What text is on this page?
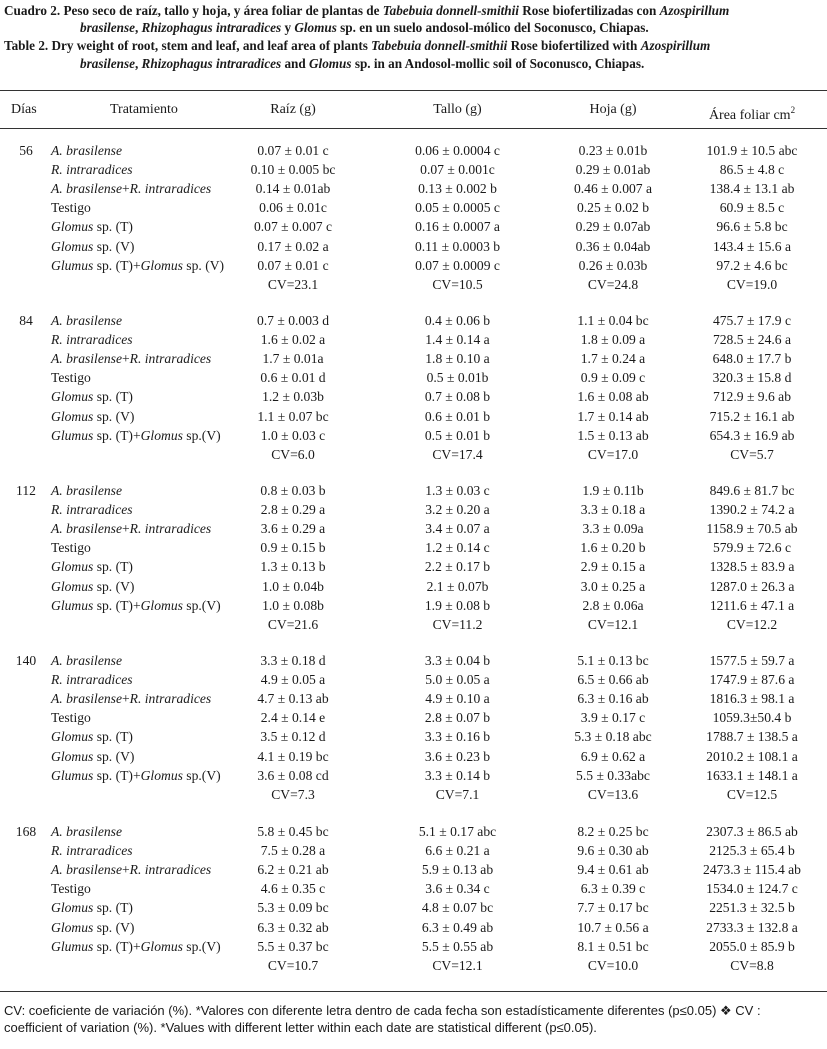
Cuadro 2. Peso seco de raíz, tallo y hoja, y área foliar de plantas de Tabebuia donnell-smithii Rose biofertilizadas con Azospirillum
brasilense, Rhizophagus intraradices y Glomus sp. en un suelo andosol-mólico del Soconusco, Chiapas.

Table 2. Dry weight of root, stem and leaf, and leaf area of plants Tabebuia donnell-smithii Rose biofertilized with Azospirillum
brasilense, Rhizophagus intraradices and Glomus sp. in an Andosol-mollic soil of Soconusco, Chiapas.

Días	Tratamiento	Raíz (g)	Tallo (g)	Hoja (g)	Área foliar $cm^2$
56	A. brasilense	0.07 ± 0.01 c	0.06 ± 0.0004 c	0.23 ± 0.01b	101.9 ± 10.5 abc
R. intraradices	0.10 ± 0.005 bc	0.07 ± 0.001c	0.29 ± 0.01ab	86.5 ± 4.8 c
A. brasilense+R. intraradices	0.14 ± 0.01ab	0.13 ± 0.002 b	0.46 ± 0.007 a	138.4 ± 13.1 ab
Testigo	0.06 ± 0.01c	0.05 ± 0.0005 c	0.25 ± 0.02 b	60.9 ± 8.5 c
Glomus sp. (T)	0.07 ± 0.007 c	0.16 ± 0.0007 a	0.29 ± 0.07ab	96.6 ± 5.8 bc
Glomus sp. (V)	0.17 ± 0.02 a	0.11 ± 0.0003 b	0.36 ± 0.04ab	143.4 ± 15.6 a
Glumus sp. (T)+Glomus sp. (V)	0.07 ± 0.01 c	0.07 ± 0.0009 c	0.26 ± 0.03b	97.2 ± 4.6 bc
CV=23.1	CV=10.5	CV=24.8	CV=19.0
84	A. brasilense	0.7 ± 0.003 d	0.4 ± 0.06 b	1.1 ± 0.04 bc	475.7 ± 17.9 c
R. intraradices	1.6 ± 0.02 a	1.4 ± 0.14 a	1.8 ± 0.09 a	728.5 ± 24.6 a
A. brasilense+R. intraradices	1.7 ± 0.01a	1.8 ± 0.10 a	1.7 ± 0.24 a	648.0 ± 17.7 b
Testigo	0.6 ± 0.01 d	0.5 ± 0.01b	0.9 ± 0.09 c	320.3 ± 15.8 d
Glomus sp. (T)	1.2 ± 0.03b	0.7 ± 0.08 b	1.6 ± 0.08 ab	712.9 ± 9.6 ab
Glomus sp. (V)	1.1 ± 0.07 bc	0.6 ± 0.01 b	1.7 ± 0.14 ab	715.2 ± 16.1 ab
Glumus sp. (T)+Glomus sp.(V)	1.0 ± 0.03 c	0.5 ± 0.01 b	1.5 ± 0.13 ab	654.3 ± 16.9 ab
CV=6.0	CV=17.4	CV=17.0	CV=5.7
112	A. brasilense	0.8 ± 0.03 b	1.3 ± 0.03 c	1.9 ± 0.11b	849.6 ± 81.7 bc
R. intraradices	2.8 ± 0.29 a	3.2 ± 0.20 a	3.3 ± 0.18 a	1390.2 ± 74.2 a
A. brasilense+R. intraradices	3.6 ± 0.29 a	3.4 ± 0.07 a	3.3 ± 0.09a	1158.9 ± 70.5 ab
Testigo	0.9 ± 0.15 b	1.2 ± 0.14 c	1.6 ± 0.20 b	579.9 ± 72.6 c
Glomus sp. (T)	1.3 ± 0.13 b	2.2 ± 0.17 b	2.9 ± 0.15 a	1328.5 ± 83.9 a
Glomus sp. (V)	1.0 ± 0.04b	2.1 ± 0.07b	3.0 ± 0.25 a	1287.0 ± 26.3 a
Glumus sp. (T)+Glomus sp.(V)	1.0 ± 0.08b	1.9 ± 0.08 b	2.8 ± 0.06a	1211.6 ± 47.1 a
CV=21.6	CV=11.2	CV=12.1	CV=12.2
140	A. brasilense	3.3 ± 0.18 d	3.3 ± 0.04 b	5.1 ± 0.13 bc	1577.5 ± 59.7 a
R. intraradices	4.9 ± 0.05 a	5.0 ± 0.05 a	6.5 ± 0.66 ab	1747.9 ± 87.6 a
A. brasilense+R. intraradices	4.7 ± 0.13 ab	4.9 ± 0.10 a	6.3 ± 0.16 ab	1816.3 ± 98.1 a
Testigo	2.4 ± 0.14 e	2.8 ± 0.07 b	3.9 ± 0.17 c	1059.3±50.4 b
Glomus sp. (T)	3.5 ± 0.12 d	3.3 ± 0.16 b	5.3 ± 0.18 abc	1788.7 ± 138.5 a
Glomus sp. (V)	4.1 ± 0.19 bc	3.6 ± 0.23 b	6.9 ± 0.62 a	2010.2 ± 108.1 a
Glumus sp. (T)+Glomus sp.(V)	3.6 ± 0.08 cd	3.3 ± 0.14 b	5.5 ± 0.33abc	1633.1 ± 148.1 a
CV=7.3	CV=7.1	CV=13.6	CV=12.5
168	A. brasilense	5.8 ± 0.45 bc	5.1 ± 0.17 abc	8.2 ± 0.25 bc	2307.3 ± 86.5 ab
R. intraradices	7.5 ± 0.28 a	6.6 ± 0.21 a	9.6 ± 0.30 ab	2125.3 ± 65.4 b
A. brasilense+R. intraradices	6.2 ± 0.21 ab	5.9 ± 0.13 ab	9.4 ± 0.61 ab	2473.3 ± 115.4 ab
Testigo	4.6 ± 0.35 c	3.6 ± 0.34 c	6.3 ± 0.39 c	1534.0 ± 124.7 c
Glomus sp. (T)	5.3 ± 0.09 bc	4.8 ± 0.07 bc	7.7 ± 0.17 bc	2251.3 ± 32.5 b
Glomus sp. (V)	6.3 ± 0.32 ab	6.3 ± 0.49 ab	10.7 ± 0.56 a	2733.3 ± 132.8 a
Glumus sp. (T)+Glomus sp.(V)	5.5 ± 0.37 bc	5.5 ± 0.55 ab	8.1 ± 0.51 bc	2055.0 ± 85.9 b
CV=10.7	CV=12.1	CV=10.0	CV=8.8
CV: coeficiente de variación (%). *Valores con diferente letra dentro de cada fecha son estadísticamente diferentes (p≤0.05) ❖ CV :
coefficient of variation (%). *Values with different letter within each date are statistical different (p≤0.05).
